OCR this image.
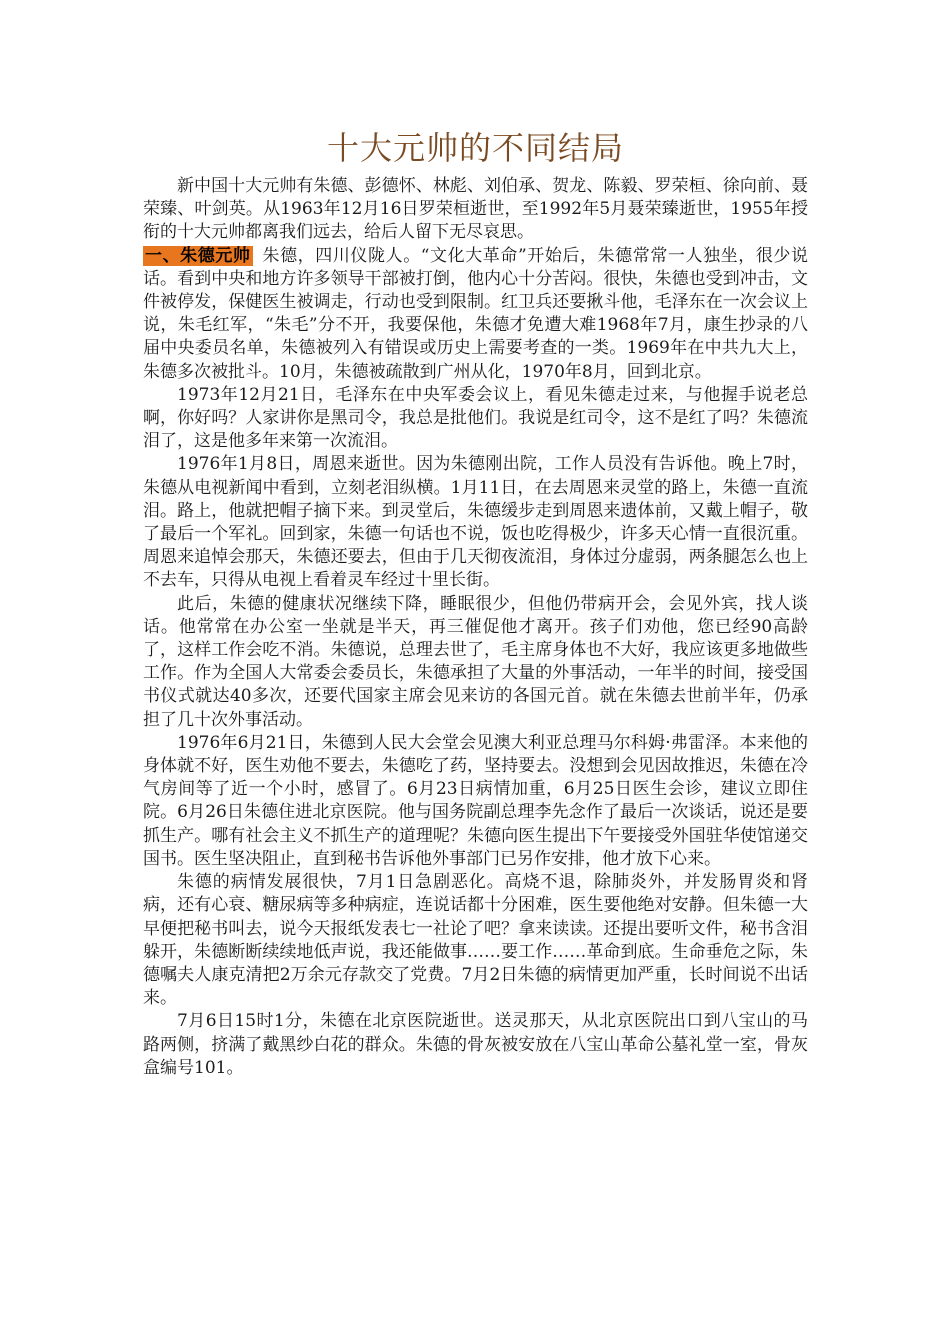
十大元帅的不同结局

新中国十大元帅有朱德、彭德怀、林彪、刘伯承、贺龙、陈毅、罗荣桓、徐向前、聂荣臻、叶剑英。从1963年12月16日罗荣桓逝世，至1992年5月聂荣臻逝世，1955年授衔的十大元帅都离我们远去，给后人留下无尽哀思。

一、朱德元帅 朱德，四川仪陇人。“文化大革命”开始后，朱德常常一人独坐，很少说话。看到中央和地方许多领导干部被打倒，他内心十分苦闷。很快，朱德也受到冲击，文件被停发，保健医生被调走，行动也受到限制。红卫兵还要揪斗他，毛泽东在一次会议上说，朱毛红军，“朱毛”分不开，我要保他，朱德才免遭大难1968年7月，康生抄录的八届中央委员名单，朱德被列入有错误或历史上需要考查的一类。1969年在中共九大上，朱德多次被批斗。10月，朱德被疏散到广州从化，1970年8月，回到北京。

1973年12月21日，毛泽东在中央军委会议上，看见朱德走过来，与他握手说老总啊，你好吗？人家讲你是黑司令，我总是批他们。我说是红司令，这不是红了吗？朱德流泪了，这是他多年来第一次流泪。

1976年1月8日，周恩来逝世。因为朱德刚出院，工作人员没有告诉他。晚上7时，朱德从电视新闻中看到，立刻老泪纵横。1月11日，在去周恩来灵堂的路上，朱德一直流泪。路上，他就把帽子摘下来。到灵堂后，朱德缓步走到周恩来遗体前，又戴上帽子，敬了最后一个军礼。回到家，朱德一句话也不说，饭也吃得极少，许多天心情一直很沉重。周恩来追悼会那天，朱德还要去，但由于几天彻夜流泪，身体过分虚弱，两条腿怎么也上不去车，只得从电视上看着灵车经过十里长街。

此后，朱德的健康状况继续下降，睡眠很少，但他仍带病开会，会见外宾，找人谈话。他常常在办公室一坐就是半天，再三催促他才离开。孩子们劝他，您已经90高龄了，这样工作会吃不消。朱德说，总理去世了，毛主席身体也不大好，我应该更多地做些工作。作为全国人大常委会委员长，朱德承担了大量的外事活动，一年半的时间，接受国书仪式就达40多次，还要代国家主席会见来访的各国元首。就在朱德去世前半年，仍承担了几十次外事活动。

1976年6月21日，朱德到人民大会堂会见澳大利亚总理马尔科姆·弗雷泽。本来他的身体就不好，医生劝他不要去，朱德吃了药，坚持要去。没想到会见因故推迟，朱德在冷气房间等了近一个小时，感冒了。6月23日病情加重，6月25日医生会诊，建议立即住院。6月26日朱德住进北京医院。他与国务院副总理李先念作了最后一次谈话，说还是要抓生产。哪有社会主义不抓生产的道理呢？朱德向医生提出下午要接受外国驻华使馆递交国书。医生坚决阻止，直到秘书告诉他外事部门已另作安排，他才放下心来。

朱德的病情发展很快，7月1日急剧恶化。高烧不退，除肺炎外，并发肠胃炎和肾病，还有心衰、糖尿病等多种病症，连说话都十分困难，医生要他绝对安静。但朱德一大早便把秘书叫去，说今天报纸发表七一社论了吧？拿来读读。还提出要听文件，秘书含泪躲开，朱德断断续续地低声说，我还能做事……要工作……革命到底。生命垂危之际，朱德嘱夫人康克清把2万余元存款交了党费。7月2日朱德的病情更加严重，长时间说不出话来。

7月6日15时1分，朱德在北京医院逝世。送灵那天，从北京医院出口到八宝山的马路两侧，挤满了戴黑纱白花的群众。朱德的骨灰被安放在八宝山革命公墓礼堂一室，骨灰盒编号101。
